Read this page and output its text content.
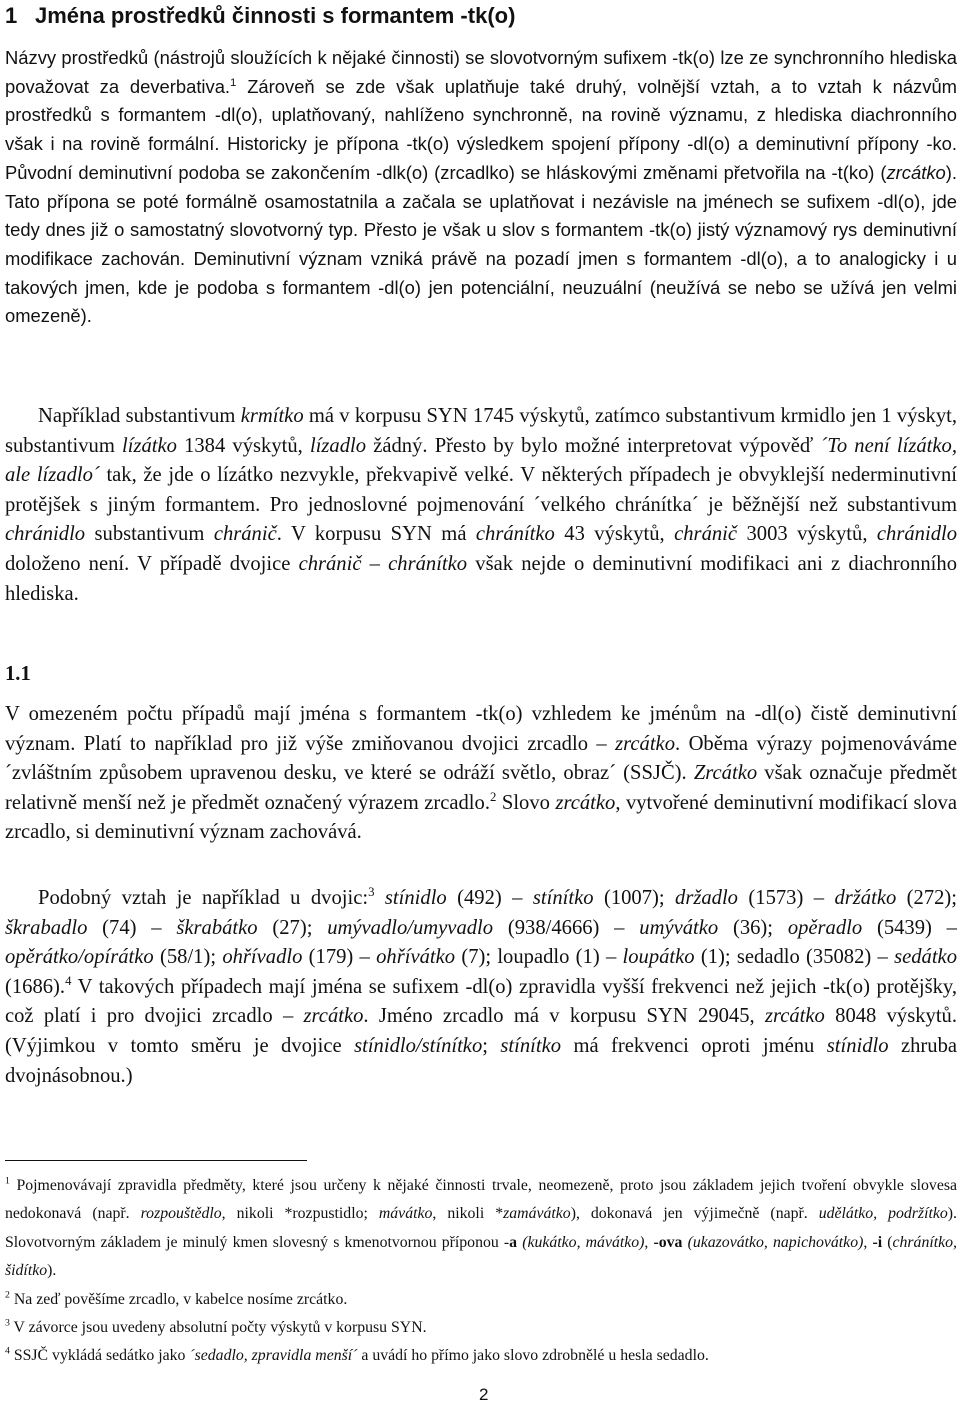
1 Jména prostředků činnosti s formantem -tk(o)

Názvy prostředků (nástrojů sloužících k nějaké činnosti) se slovotvorným sufixem -tk(o) lze ze synchronního hlediska považovat za deverbativa.$^1$ Zároveň se zde však uplatňuje také druhý, volnější vztah, a to vztah k názvům prostředků s formantem -dl(o), uplatňovaný, nahlíženo synchronně, na rovině významu, z hlediska diachronního však i na rovině formální. Historicky je přípona -tk(o) výsledkem spojení přípony -dl(o) a deminutivní přípony -ko. Původní deminutivní podoba se zakončením -dlk(o) (zrcadlko) se hláskovými změnami přetvořila na -t(ko) (zrcátko). Tato přípona se poté formálně osamostatnila a začala se uplatňovat i nezávisle na jménech se sufixem -dl(o), jde tedy dnes již o samostatný slovotvorný typ. Přesto je však u slov s formantem -tk(o) jistý významový rys deminutivní modifikace zachován. Deminutivní význam vzniká právě na pozadí jmen s formantem -dl(o), a to analogicky i u takových jmen, kde je podoba s formantem -dl(o) jen potenciální, neuzuální (neužívá se nebo se užívá jen velmi omezeně).

Například substantivum krmítko má v korpusu SYN 1745 výskytů, zatímco substantivum krmidlo jen 1 výskyt, substantivum lízátko 1384 výskytů, lízadlo žádný. Přesto by bylo možné interpretovat výpověď ´To není lízátko, ale lízadlo´ tak, že jde o lízátko nezvykle, překvapivě velké. V některých případech je obvyklejší nederminutivní protějšek s jiným formantem. Pro jednoslovné pojmenování ´velkého chránítka´ je běžnější než substantivum chránidlo substantivum chránič. V korpusu SYN má chránítko 43 výskytů, chránič 3003 výskytů, chránidlo doloženo není. V případě dvojice chránič – chránítko však nejde o deminutivní modifikaci ani z diachronního hlediska.

1.1

V omezeném počtu případů mají jména s formantem -tk(o) vzhledem ke jménům na -dl(o) čistě deminutivní význam. Platí to například pro již výše zmiňovanou dvojici zrcadlo – zrcátko. Oběma výrazy pojmenováváme ´zvláštním způsobem upravenou desku, ve které se odráží světlo, obraz´ (SSJČ). Zrcátko však označuje předmět relativně menší než je předmět označený výrazem zrcadlo.$^2$ Slovo zrcátko, vytvořené deminutivní modifikací slova zrcadlo, si deminutivní význam zachovává.

Podobný vztah je například u dvojic:$^3$ stínidlo (492) – stínítko (1007); držadlo (1573) – držátko (272); škrabadlo (74) – škrabátko (27); umývadlo/umyvadlo (938/4666) – umývátko (36); opěradlo (5439) – opěrátko/opírátko (58/1); ohřívadlo (179) – ohřívátko (7); loupadlo (1) – loupátko (1); sedadlo (35082) – sedátko (1686).$^4$ V takových případech mají jména se sufixem -dl(o) zpravidla vyšší frekvenci než jejich -tk(o) protějšky, což platí i pro dvojici zrcadlo – zrcátko. Jméno zrcadlo má v korpusu SYN 29045, zrcátko 8048 výskytů. (Výjimkou v tomto směru je dvojice stínidlo/stínítko; stínítko má frekvenci oproti jménu stínidlo zhruba dvojnásobnou.)

$^1$ Pojmenovávají zpravidla předměty, které jsou určeny k nějaké činnosti trvale, neomezeně, proto jsou základem jejich tvoření obvykle slovesa nedokonavá (např. rozpouštědlo, nikoli *rozpustidlo; mávátko, nikoli *zamávátko), dokonavá jen výjimečně (např. udělátko, podržítko). Slovotvorným základem je minulý kmen slovesný s kmenotvornou příponou -a (kukátko, mávátko), -ova (ukazovátko, napichovátko), -i (chránítko, šidítko).

$^2$ Na zeď pověšíme zrcadlo, v kabelce nosíme zrcátko.

$^3$ V závorce jsou uvedeny absolutní počty výskytů v korpusu SYN.

$^4$ SSJČ vykládá sedátko jako ´sedadlo, zpravidla menší´ a uvádí ho přímo jako slovo zdrobnělé u hesla sedadlo.

2
